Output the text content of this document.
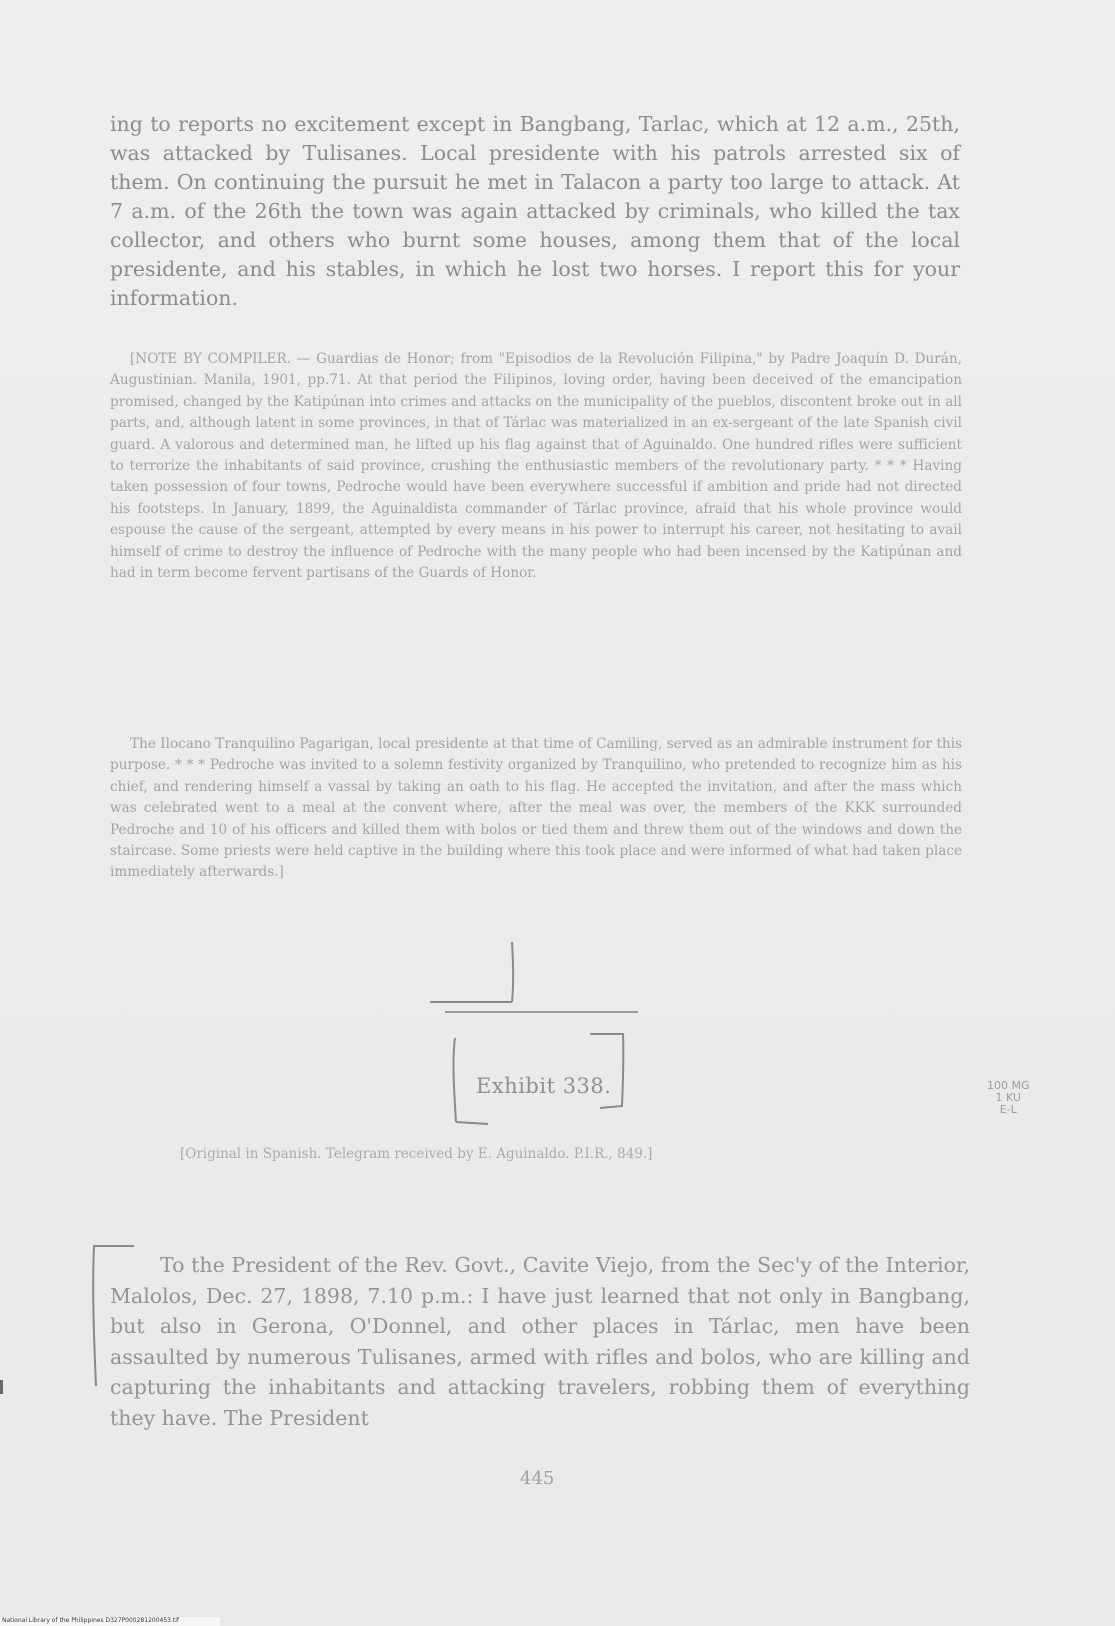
ing to reports no excitement except in Bangbang, Tarlac, which at 12 a.m., 25th, was attacked by Tulisanes. Local presidente with his patrols arrested six of them. On continuing the pursuit he met in Talacon a party too large to attack. At 7 a.m. of the 26th the town was again attacked by criminals, who killed the tax collector, and others who burnt some houses, among them that of the local presidente, and his stables, in which he lost two horses. I report this for your information.

[NOTE BY COMPILER. — Guardias de Honor; from "Episodios de la Revolución Filipina," by Padre Joaquín D. Durán, Augustinian. Manila, 1901, pp.71. At that period the Filipinos, loving order, having been deceived of the emancipation promised, changed by the Katipúnan into crimes and attacks on the municipality of the pueblos, discontent broke out in all parts, and, although latent in some provinces, in that of Tárlac was materialized in an ex-sergeant of the late Spanish civil guard. A valorous and determined man, he lifted up his flag against that of Aguinaldo. One hundred rifles were sufficient to terrorize the inhabitants of said province, crushing the enthusiastic members of the revolutionary party. * * * Having taken possession of four towns, Pedroche would have been everywhere successful if ambition and pride had not directed his footsteps. In January, 1899, the Aguinaldista commander of Tárlac province, afraid that his whole province would espouse the cause of the sergeant, attempted by every means in his power to interrupt his career, not hesitating to avail himself of crime to destroy the influence of Pedroche with the many people who had been incensed by the Katipúnan and had in term become fervent partisans of the Guards of Honor.

The Ilocano Tranquilino Pagarigan, local presidente at that time of Camiling, served as an admirable instrument for this purpose. * * * Pedroche was invited to a solemn festivity organized by Tranquilino, who pretended to recognize him as his chief, and rendering himself a vassal by taking an oath to his flag. He accepted the invitation, and after the mass which was celebrated went to a meal at the convent where, after the meal was over, the members of the KKK surrounded Pedroche and 10 of his officers and killed them with bolos or tied them and threw them out of the windows and down the staircase. Some priests were held captive in the building where this took place and were informed of what had taken place immediately afterwards.]

Exhibit 338.	100 MG
1 KU
E-L

[Original in Spanish. Telegram received by E. Aguinaldo. P.I.R., 849.]

To the President of the Rev. Govt., Cavite Viejo, from the Sec'y of the Interior, Malolos, Dec. 27, 1898, 7.10 p.m.: I have just learned that not only in Bangbang, but also in Gerona, O'Donnel, and other places in Tárlac, men have been assaulted by numerous Tulisanes, armed with rifles and bolos, who are killing and capturing the inhabitants and attacking travelers, robbing them of everything they have. The President

445

National Library of the Philippines D327P000281200453.tif
